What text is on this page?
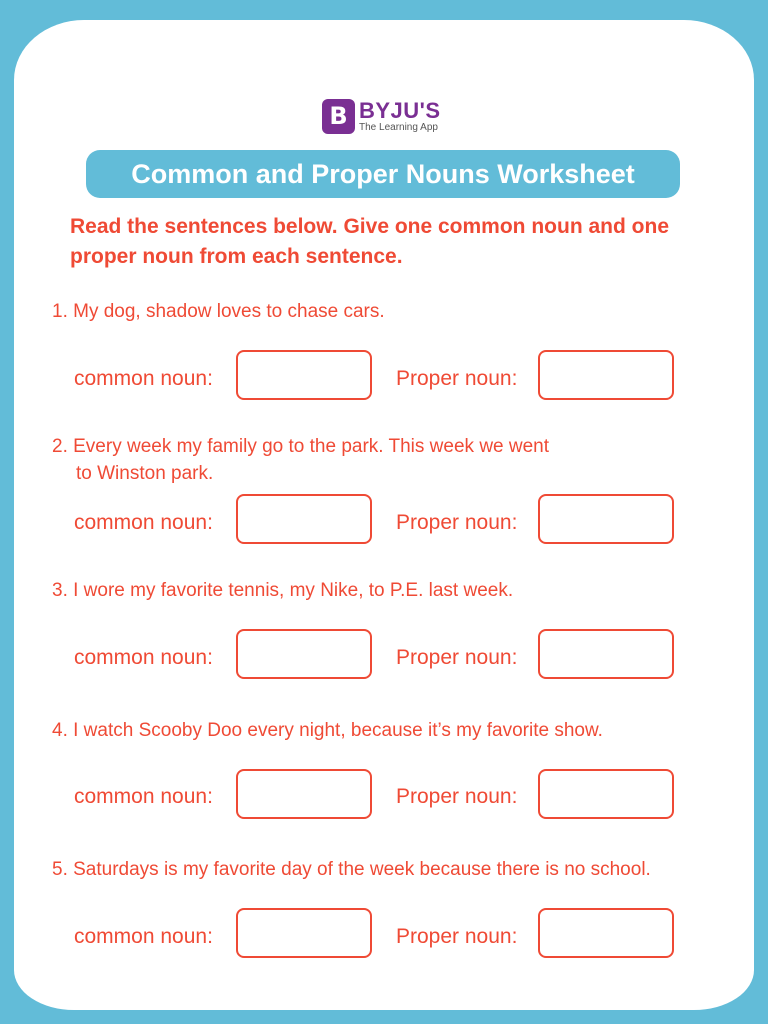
B BYJU'S
The Learning App
Common and Proper Nouns Worksheet
Read the sentences below. Give one common noun and one proper noun from each sentence.
1. My dog, shadow loves to chase cars.
common noun:	Proper noun:
2. Every week my family go to the park. This week we went
to Winston park.
common noun:	Proper noun:
3. I wore my favorite tennis, my Nike, to P.E. last week.
common noun:	Proper noun:
4. I watch Scooby Doo every night, because it’s my favorite show.
common noun:	Proper noun:
5. Saturdays is my favorite day of the week because there is no school.
common noun:	Proper noun:
